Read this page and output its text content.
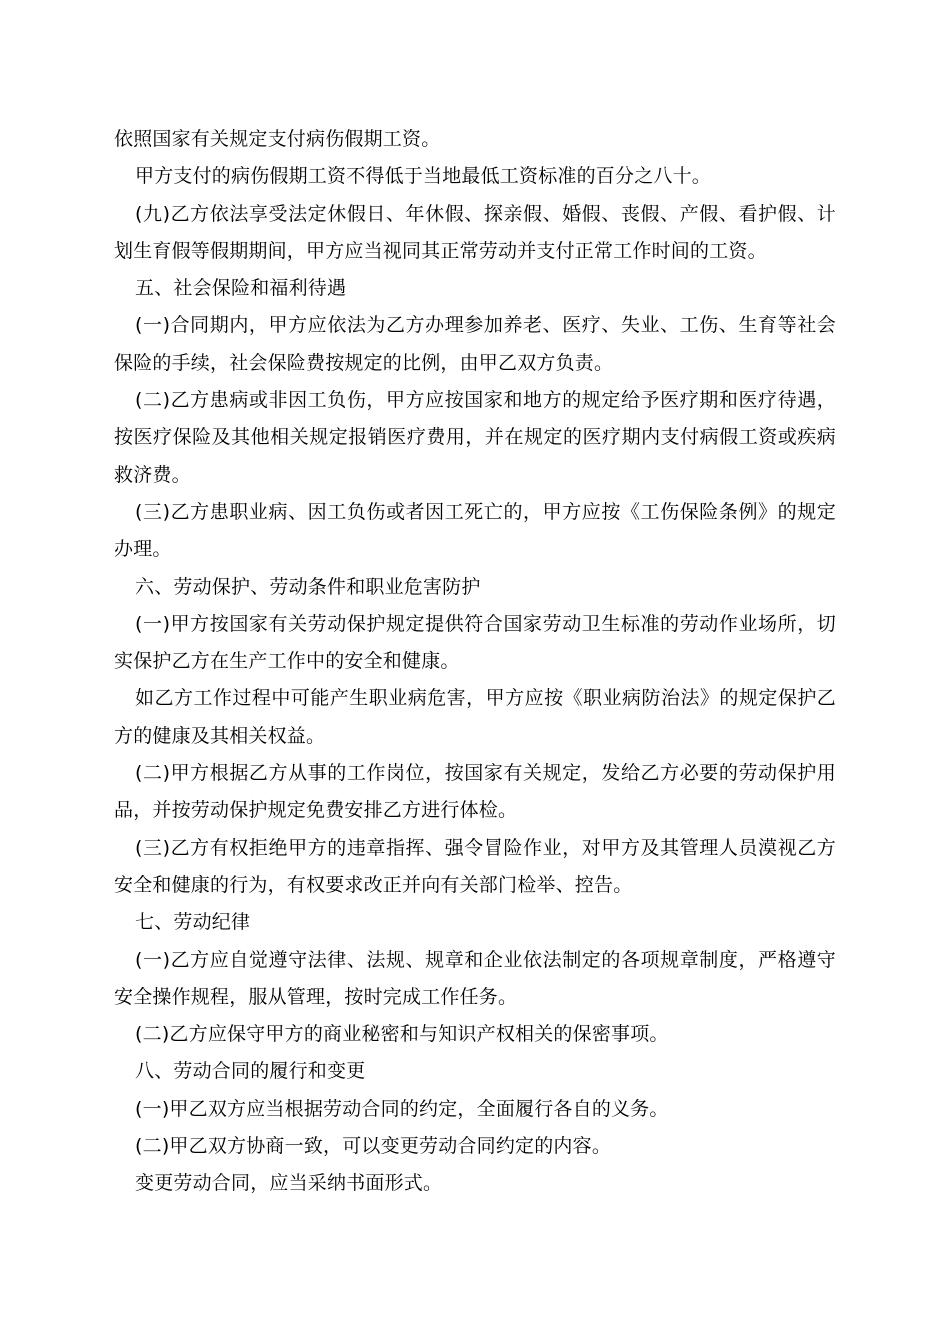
依照国家有关规定支付病伤假期工资。

甲方支付的病伤假期工资不得低于当地最低工资标准的百分之八十。

(九)乙方依法享受法定休假日、年休假、探亲假、婚假、丧假、产假、看护假、计划生育假等假期期间，甲方应当视同其正常劳动并支付正常工作时间的工资。

五、社会保险和福利待遇

(一)合同期内，甲方应依法为乙方办理参加养老、医疗、失业、工伤、生育等社会保险的手续，社会保险费按规定的比例，由甲乙双方负责。

(二)乙方患病或非因工负伤，甲方应按国家和地方的规定给予医疗期和医疗待遇，按医疗保险及其他相关规定报销医疗费用，并在规定的医疗期内支付病假工资或疾病救济费。

(三)乙方患职业病、因工负伤或者因工死亡的，甲方应按《工伤保险条例》的规定办理。

六、劳动保护、劳动条件和职业危害防护

(一)甲方按国家有关劳动保护规定提供符合国家劳动卫生标准的劳动作业场所，切实保护乙方在生产工作中的安全和健康。

如乙方工作过程中可能产生职业病危害，甲方应按《职业病防治法》的规定保护乙方的健康及其相关权益。

(二)甲方根据乙方从事的工作岗位，按国家有关规定，发给乙方必要的劳动保护用品，并按劳动保护规定免费安排乙方进行体检。

(三)乙方有权拒绝甲方的违章指挥、强令冒险作业，对甲方及其管理人员漠视乙方安全和健康的行为，有权要求改正并向有关部门检举、控告。

七、劳动纪律

(一)乙方应自觉遵守法律、法规、规章和企业依法制定的各项规章制度，严格遵守安全操作规程，服从管理，按时完成工作任务。

(二)乙方应保守甲方的商业秘密和与知识产权相关的保密事项。

八、劳动合同的履行和变更

(一)甲乙双方应当根据劳动合同的约定，全面履行各自的义务。

(二)甲乙双方协商一致，可以变更劳动合同约定的内容。

变更劳动合同，应当采纳书面形式。
